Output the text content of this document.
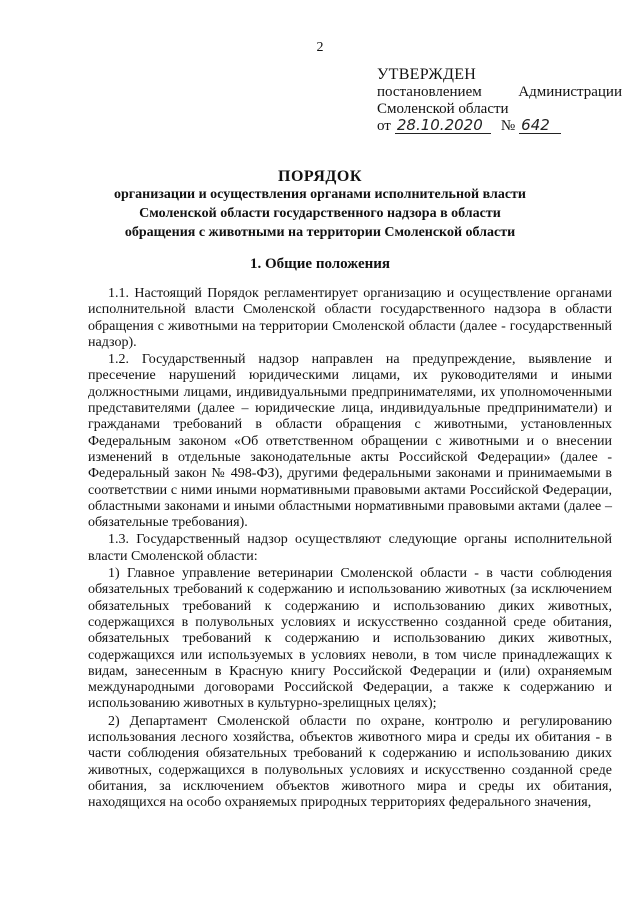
2
УТВЕРЖДЕН
постановлением Администрации
Смоленской области
от 28.10.2020	№ 642
ПОРЯДОК
организации и осуществления органами исполнительной власти
Смоленской области государственного надзора в области
обращения с животными на территории Смоленской области
1. Общие положения

1.1. Настоящий Порядок регламентирует организацию и осуществление органами исполнительной власти Смоленской области государственного надзора в области обращения с животными на территории Смоленской области (далее - государственный надзор).

1.2. Государственный надзор направлен на предупреждение, выявление и пресечение нарушений юридическими лицами, их руководителями и иными должностными лицами, индивидуальными предпринимателями, их уполномоченными представителями (далее – юридические лица, индивидуальные предприниматели) и гражданами требований в области обращения с животными, установленных Федеральным законом «Об ответственном обращении с животными и о внесении изменений в отдельные законодательные акты Российской Федерации» (далее - Федеральный закон № 498-ФЗ), другими федеральными законами и принимаемыми в соответствии с ними иными нормативными правовыми актами Российской Федерации, областными законами и иными областными нормативными правовыми актами (далее – обязательные требования).

1.3. Государственный надзор осуществляют следующие органы исполнительной власти Смоленской области:

1) Главное управление ветеринарии Смоленской области - в части соблюдения обязательных требований к содержанию и использованию животных (за исключением обязательных требований к содержанию и использованию диких животных, содержащихся в полувольных условиях и искусственно созданной среде обитания, обязательных требований к содержанию и использованию диких животных, содержащихся или используемых в условиях неволи, в том числе принадлежащих к видам, занесенным в Красную книгу Российской Федерации и (или) охраняемым международными договорами Российской Федерации, а также к содержанию и использованию животных в культурно-зрелищных целях);

2) Департамент Смоленской области по охране, контролю и регулированию использования лесного хозяйства, объектов животного мира и среды их обитания - в части соблюдения обязательных требований к содержанию и использованию диких животных, содержащихся в полувольных условиях и искусственно созданной среде обитания, за исключением объектов животного мира и среды их обитания, находящихся на особо охраняемых природных территориях федерального значения,
